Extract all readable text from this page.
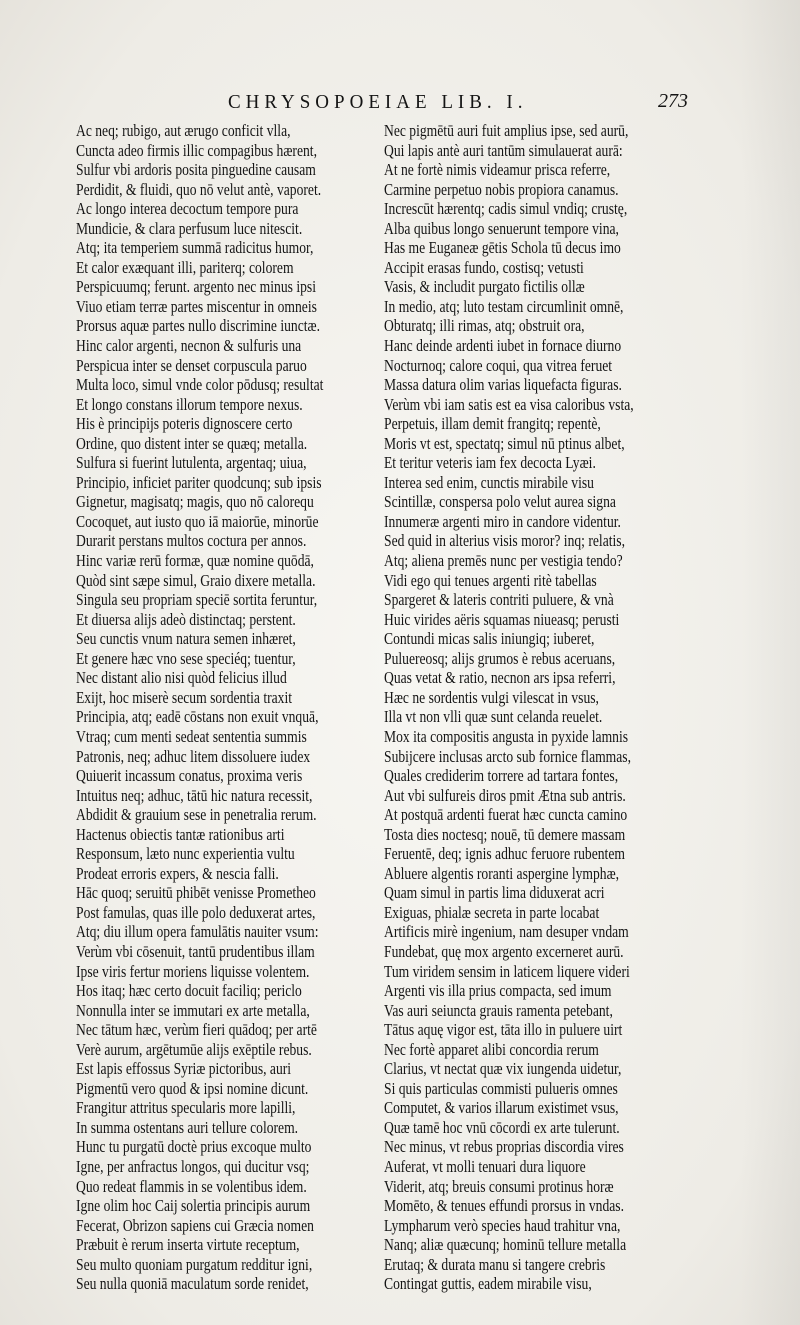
CHRYSOPOEIAE LIB. I.	273
Ac neq; rubigo, aut ærugo conficit vlla,
Cuncta adeo firmis illic compagibus hærent,
Sulfur vbi ardoris posita pinguedine causam
Perdidit, & fluidi, quo nō velut antè, vaporet.
Ac longo interea decoctum tempore pura
Mundicie, & clara perfusum luce nitescit.
Atq; ita temperiem summā radicitus humor,
Et calor exæquant illi, pariterq; colorem
Perspicuumq; ferunt. argento nec minus ipsi
Viuo etiam terræ partes miscentur in omneis
Prorsus aquæ partes nullo discrimine iunctæ.
Hinc calor argenti, necnon & sulfuris una
Perspicua inter se denset corpuscula paruo
Multa loco, simul vnde color pōdusq; resultat
Et longo constans illorum tempore nexus.
His è principijs poteris dignoscere certo
Ordine, quo distent inter se quæq; metalla.
Sulfura si fuerint lutulenta, argentaq; uiua,
Principio, inficiet pariter quodcunq; sub ipsis
Gignetur, magisatq; magis, quo nō calorequ
Cocoquet, aut iusto quo iā maiorūe, minorūe
Durarit perstans multos coctura per annos.
Hinc variæ rerū formæ, quæ nomine quōdā,
Quòd sint sæpe simul, Graio dixere metalla.
Singula seu propriam speciē sortita feruntur,
Et diuersa alijs adeò distinctaq; perstent.
Seu cunctis vnum natura semen inhæret,
Et genere hæc vno sese speciéq; tuentur,
Nec distant alio nisi quòd felicius illud
Exijt, hoc miserè secum sordentia traxit
Principia, atq; eadē cōstans non exuit vnquā,
Vtraq; cum menti sedeat sententia summis
Patronis, neq; adhuc litem dissoluere iudex
Quiuerit incassum conatus, proxima veris
Intuitus neq; adhuc, tātū hic natura recessit,
Abdidit & grauium sese in penetralia rerum.
Hactenus obiectis tantæ rationibus arti
Responsum, læto nunc experientia vultu
Prodeat erroris expers, & nescia falli.
Hāc quoq; seruitū phibēt venisse Prometheo
Post famulas, quas ille polo deduxerat artes,
Atq; diu illum opera famulātis nauiter vsum:
Verùm vbi cōsenuit, tantū prudentibus illam
Ipse viris fertur moriens liquisse volentem.
Hos itaq; hæc certo docuit faciliq; periclo
Nonnulla inter se immutari ex arte metalla,
Nec tātum hæc, verùm fieri quādoq; per artē
Verè aurum, argētumūe alijs exēptile rebus.
Est lapis effossus Syriæ pictoribus, auri
Pigmentū vero quod & ipsi nomine dicunt.
Frangitur attritus specularis more lapilli,
In summa ostentans auri tellure colorem.
Hunc tu purgatū doctè prius excoque multo
Igne, per anfractus longos, qui ducitur vsq;
Quo redeat flammis in se volentibus idem.
Igne olim hoc Caij solertia principis aurum
Fecerat, Obrizon sapiens cui Græcia nomen
Præbuit è rerum inserta virtute receptum,
Seu multo quoniam purgatum redditur igni,
Seu nulla quoniā maculatum sorde renidet,
Nec pigmētū auri fuit amplius ipse, sed aurū,
Qui lapis antè auri tantūm simulauerat aurā:
At ne fortè nimis videamur prisca referre,
Carmine perpetuo nobis propiora canamus.
Increscūt hærentq; cadis simul vndiq; crustę,
Alba quibus longo senuerunt tempore vina,
Has me Euganeæ gētis Schola tū decus imo
Accipit erasas fundo, costisq; vetusti
Vasis, & includit purgato fictilis ollæ
In medio, atq; luto testam circumlinit omnē,
Obturatq; illi rimas, atq; obstruit ora,
Hanc deinde ardenti iubet in fornace diurno
Nocturnoq; calore coqui, qua vitrea feruet
Massa datura olim varias liquefacta figuras.
Verùm vbi iam satis est ea visa caloribus vsta,
Perpetuis, illam demit frangitq; repentè,
Moris vt est, spectatq; simul nū ptinus albet,
Et teritur veteris iam fex decocta Lyæi.
Interea sed enim, cunctis mirabile visu
Scintillæ, conspersa polo velut aurea signa
Innumeræ argenti miro in candore videntur.
Sed quid in alterius visis moror? inq; relatis,
Atq; aliena premēs nunc per vestigia tendo?
Vidi ego qui tenues argenti ritè tabellas
Spargeret & lateris contriti puluere, & vnà
Huic virides aëris squamas niueasq; perusti
Contundi micas salis iniungiq; iuberet,
Puluereosq; alijs grumos è rebus aceruans,
Quas vetat & ratio, necnon ars ipsa referri,
Hæc ne sordentis vulgi vilescat in vsus,
Illa vt non vlli quæ sunt celanda reuelet.
Mox ita compositis angusta in pyxide lamnis
Subijcere inclusas arcto sub fornice flammas,
Quales crediderim torrere ad tartara fontes,
Aut vbi sulfureis diros pmit Ætna sub antris.
At postquā ardenti fuerat hæc cuncta camino
Tosta dies noctesq; nouē, tū demere massam
Feruentē, deq; ignis adhuc feruore rubentem
Abluere algentis roranti aspergine lymphæ,
Quam simul in partis lima diduxerat acri
Exiguas, phialæ secreta in parte locabat
Artificis mirè ingenium, nam desuper vndam
Fundebat, quę mox argento excerneret aurū.
Tum viridem sensim in laticem liquere videri
Argenti vis illa prius compacta, sed imum
Vas auri seiuncta grauis ramenta petebant,
Tātus aquę vigor est, tāta illo in puluere uirt
Nec fortè apparet alibi concordia rerum
Clarius, vt nectat quæ vix iungenda uidetur,
Si quis particulas commisti pulueris omnes
Computet, & varios illarum existimet vsus,
Quæ tamē hoc vnū cōcordi ex arte tulerunt.
Nec minus, vt rebus proprias discordia vires
Auferat, vt molli tenuari dura liquore
Viderit, atq; breuis consumi protinus horæ
Momēto, & tenues effundi prorsus in vndas.
Lympharum verò species haud trahitur vna,
Nanq; aliæ quæcunq; hominū tellure metalla
Erutaq; & durata manu si tangere crebris
Contingat guttis, eadem mirabile visu,
